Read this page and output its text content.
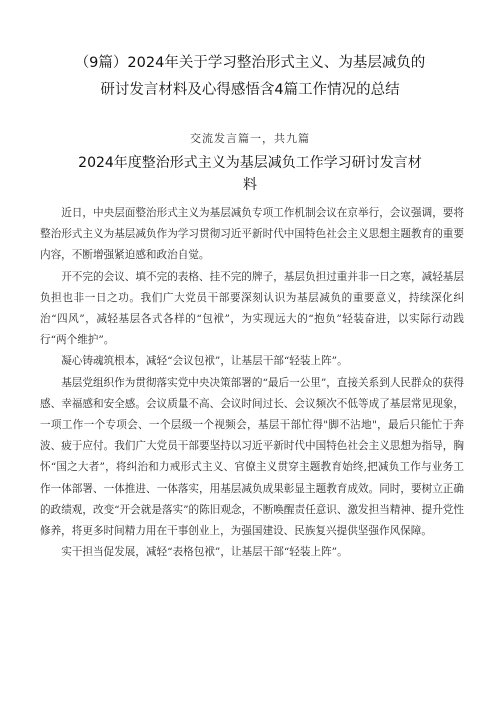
（9篇）2024年关于学习整治形式主义、为基层减负的
研讨发言材料及心得感悟含4篇工作情况的总结
交流发言篇一，共九篇
2024年度整治形式主义为基层减负工作学习研讨发言材
料

近日，中央层面整治形式主义为基层减负专项工作机制会议在京举行，会议强调，要将整治形式主义为基层减负作为学习贯彻习近平新时代中国特色社会主义思想主题教育的重要内容，不断增强紧迫感和政治自觉。

开不完的会议、填不完的表格、挂不完的牌子，基层负担过重并非一日之寒，减轻基层负担也非一日之功。我们广大党员干部要深刻认识为基层减负的重要意义，持续深化纠治“四风”，减轻基层各式各样的“包袱”，为实现远大的“抱负”轻装奋进，以实际行动践行“两个维护”。

凝心铸魂筑根本，减轻“会议包袱”，让基层干部“轻装上阵”。

基层党组织作为贯彻落实党中央决策部署的“最后一公里”，直接关系到人民群众的获得感、幸福感和安全感。会议质量不高、会议时间过长、会议频次不低等成了基层常见现象，一项工作一个专项会、一个层级一个视频会，基层干部忙得"脚不沾地"，最后只能忙于奔波、疲于应付。我们广大党员干部要坚持以习近平新时代中国特色社会主义思想为指导，胸怀“国之大者”，将纠治和力戒形式主义、官僚主义贯穿主题教育始终,把减负工作与业务工作一体部署、一体推进、一体落实，用基层减负成果彰显主题教育成效。同时，要树立正确的政绩观，改变“开会就是落实”的陈旧观念，不断唤醒责任意识、激发担当精神、提升党性修养，将更多时间精力用在干事创业上，为强国建设、民族复兴提供坚强作风保障。

实干担当促发展，减轻“表格包袱”，让基层干部“轻装上阵”。
